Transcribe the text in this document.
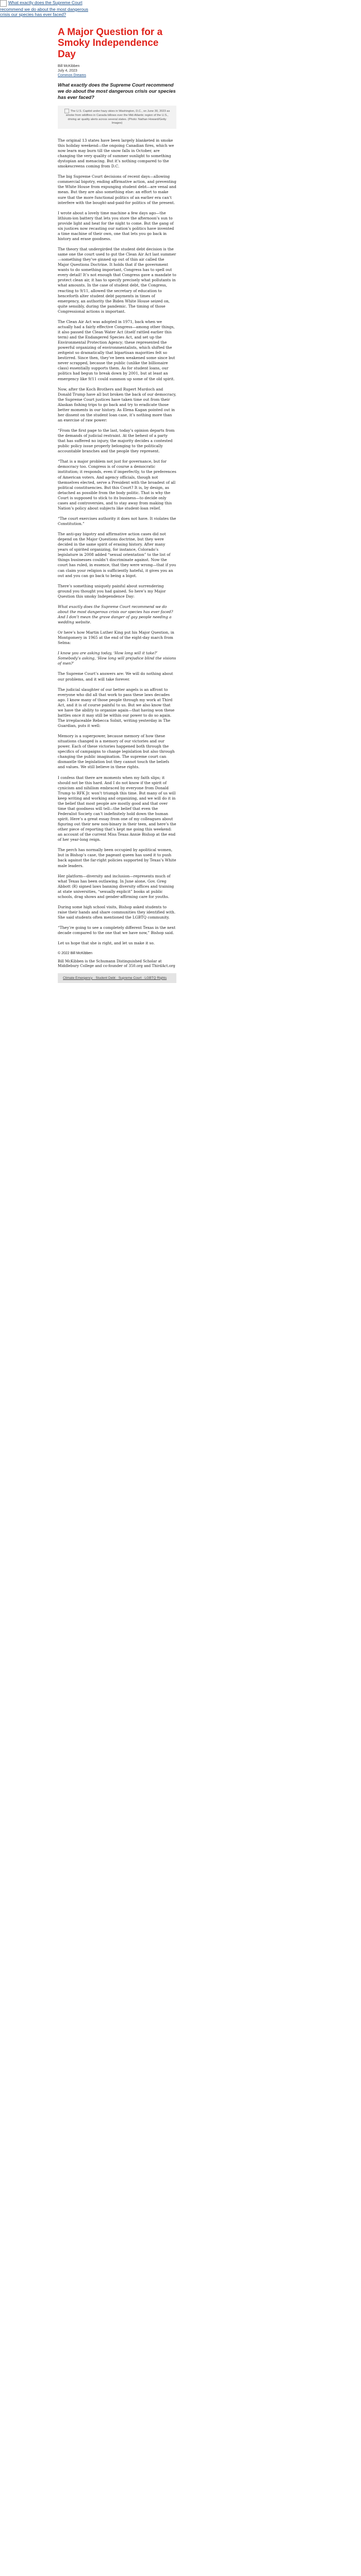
What exactly does the Supreme Court recommend we do about the most dangerous crisis our species has ever faced?
A Major Question for a Smoky Independence Day
Bill McKibben
July 4, 2023
Common Dreams

What exactly does the Supreme Court recommend we do about the most dangerous crisis our species has ever faced?

The U.S. Capitol under hazy skies in Washington, D.C., on June 30, 2023 as smoke from wildfires in Canada billows over the Mid-Atlantic region of the U.S., driving air quality alerts across several states. (Photo: Nathan Howard/Getty Images)

The original 13 states have been largely blanketed in smoke this holiday weekend—the ongoing Canadian fires, which we now learn may burn till the snow falls in October, are changing the very quality of summer sunlight to something dystopian and menacing. But it’s nothing compared to the smokescreens coming from D.C.

The big Supreme Court decisions of recent days—allowing commercial bigotry, ending affirmative action, and preventing the White House from expunging student debt—are venal and mean. But they are also something else: an effort to make sure that the more functional politics of an earlier era can’t interfere with the bought-and-paid-for politics of the present.

I wrote about a lovely time machine a few days ago—the lithium-ion battery that lets you store the afternoon’s sun to provide light and heat for the night to come. But the gang of six justices now recasting our nation’s politics have invented a time machine of their own, one that lets you go back in history and erase goodness.

The theory that undergirded the student debt decision is the same one the court used to gut the Clean Air Act last summer—something they’ve ginned up out of thin air called the Major Questions Doctrine. It holds that if the government wants to do something important, Congress has to spell out every detail! It’s not enough that Congress gave a mandate to protect clean air, it has to specify precisely what pollutants in what amounts. In the case of student debt, the Congress, reacting to 9/11, allowed the secretary of education to henceforth alter student debt payments in times of emergency, an authority the Biden White House seized on, quite sensibly, during the pandemic. The timing of those Congressional actions is important.

The Clean Air Act was adopted in 1971, back when we actually had a fairly effective Congress—among other things, it also passed the Clean Water Act (itself rattled earlier this term) and the Endangered Species Act, and set up the Environmental Protection Agency; these represented the powerful organizing of environmentalists, which shifted the zeitgeist so dramatically that bipartisan majorities felt so bestirred. Since then, they’ve been weakened some since but never scrapped, because the public (unlike the billionaire class) essentially supports them. As for student loans, our politics had begun to break down by 2001, but at least an emergency like 9/11 could summon up some of the old spirit.

Now, after the Koch Brothers and Rupert Murdoch and Donald Trump have all but broken the back of our democracy, the Supreme Court justices have taken time out from their Alaskan fishing trips to go back and try to eradicate those better moments in our history. As Elena Kagan pointed out in her dissent on the student loan case, it’s nothing more than an exercise of raw power:

“From the first page to the last, today’s opinion departs from the demands of judicial restraint. At the behest of a party that has suffered no injury, the majority decides a contested public policy issue properly belonging to the politically accountable branches and the people they represent.

“That is a major problem not just for governance, but for democracy too. Congress is of course a democratic institution; it responds, even if imperfectly, to the preferences of American voters. And agency officials, though not themselves elected, serve a President with the broadest of all political constituencies. But this Court? It is, by design, as detached as possible from the body politic. That is why the Court is supposed to stick to its business—to decide only cases and controversies, and to stay away from making this Nation’s policy about subjects like student-loan relief.

“The court exercises authority it does not have. It violates the Constitution.”

The anti-gay bigotry and affirmative action cases did not depend on the Major Questions doctrine, but they were decided in the same spirit of erasing history. After many years of spirited organizing, for instance, Colorado’s legislature in 2008 added “sexual orientation” to the list of things businesses couldn’t discriminate against. Now the court has ruled, in essence, that they were wrong—that if you can claim your religion is sufficiently hateful, it gives you an out and you can go back to being a bigot.

There’s something uniquely painful about surrendering ground you thought you had gained. So here’s my Major Question this smoky Independence Day:

What exactly does the Supreme Court recommend we do about the most dangerous crisis our species has ever faced? And I don’t mean the grave danger of gay people needing a wedding website.

Or here’s how Martin Luther King put his Major Question, in Montgomery in 1965 at the end of the eight-day march from Selma:

I know you are asking today, ‘How long will it take?’ Somebody’s asking, ‘How long will prejudice blind the visions of men?’

The Supreme Court’s answers are: We will do nothing about our problems, and it will take forever.

The judicial slaughter of our better angels is an affront to everyone who did all that work to pass these laws decades ago. I know many of those people through my work at Third Act, and it is of course painful to us. But we also know that we have the ability to organize again—that having won these battles once it may still be within our power to do so again. The irreplaceable Rebecca Solnit, writing yesterday in The Guardian, puts it well:

Memory is a superpower, because memory of how these situations changed is a memory of our victories and our power. Each of these victories happened both through the specifics of campaigns to change legislation but also through changing the public imagination. The supreme court can dismantle the legislation but they cannot touch the beliefs and values. We still believe in these rights.

I confess that there are moments when my faith slips; it should not be this hard. And I do not know if the spirit of cynicism and nihilism embraced by everyone from Donald Trump to RFK Jr. won’t triumph this time. But many of us will keep writing and working and organizing, and we will do it in the belief that most people are mostly good and that over time that goodness will tell—the belief that even the Federalist Society can’t indefinitely hold down the human spirit. Here’s a great essay from one of my colleagues about figuring out their new non-binary in their teen, and here’s the other piece of reporting that’s kept me going this weekend: an account of the current Miss Texas Annie Bishop at the end of her year-long reign.

The perch has normally been occupied by apolitical women, but in Bishop’s case, the pageant queen has used it to push back against the far-right policies supported by Texas’s White male leaders.

Her platform—diversity and inclusion—represents much of what Texas has been outlawing. In June alone, Gov. Greg Abbott (R) signed laws banning diversity offices and training at state universities, “sexually explicit” books at public schools, drag shows and gender-affirming care for youths.

During some high school visits, Bishop asked students to raise their hands and share communities they identified with. She said students often mentioned the LGBTQ community.

“They’re going to see a completely different Texas in the next decade compared to the one that we have now,” Bishop said.

Let us hope that she is right, and let us make it so.

© 2022 Bill McKibben
Bill McKibben is the Schumann Distinguished Scholar at Middlebury College and co-founder of 350.org and ThirdAct.org
Climate Emergency · Student Debt · Supreme Court · LGBTQ Rights
